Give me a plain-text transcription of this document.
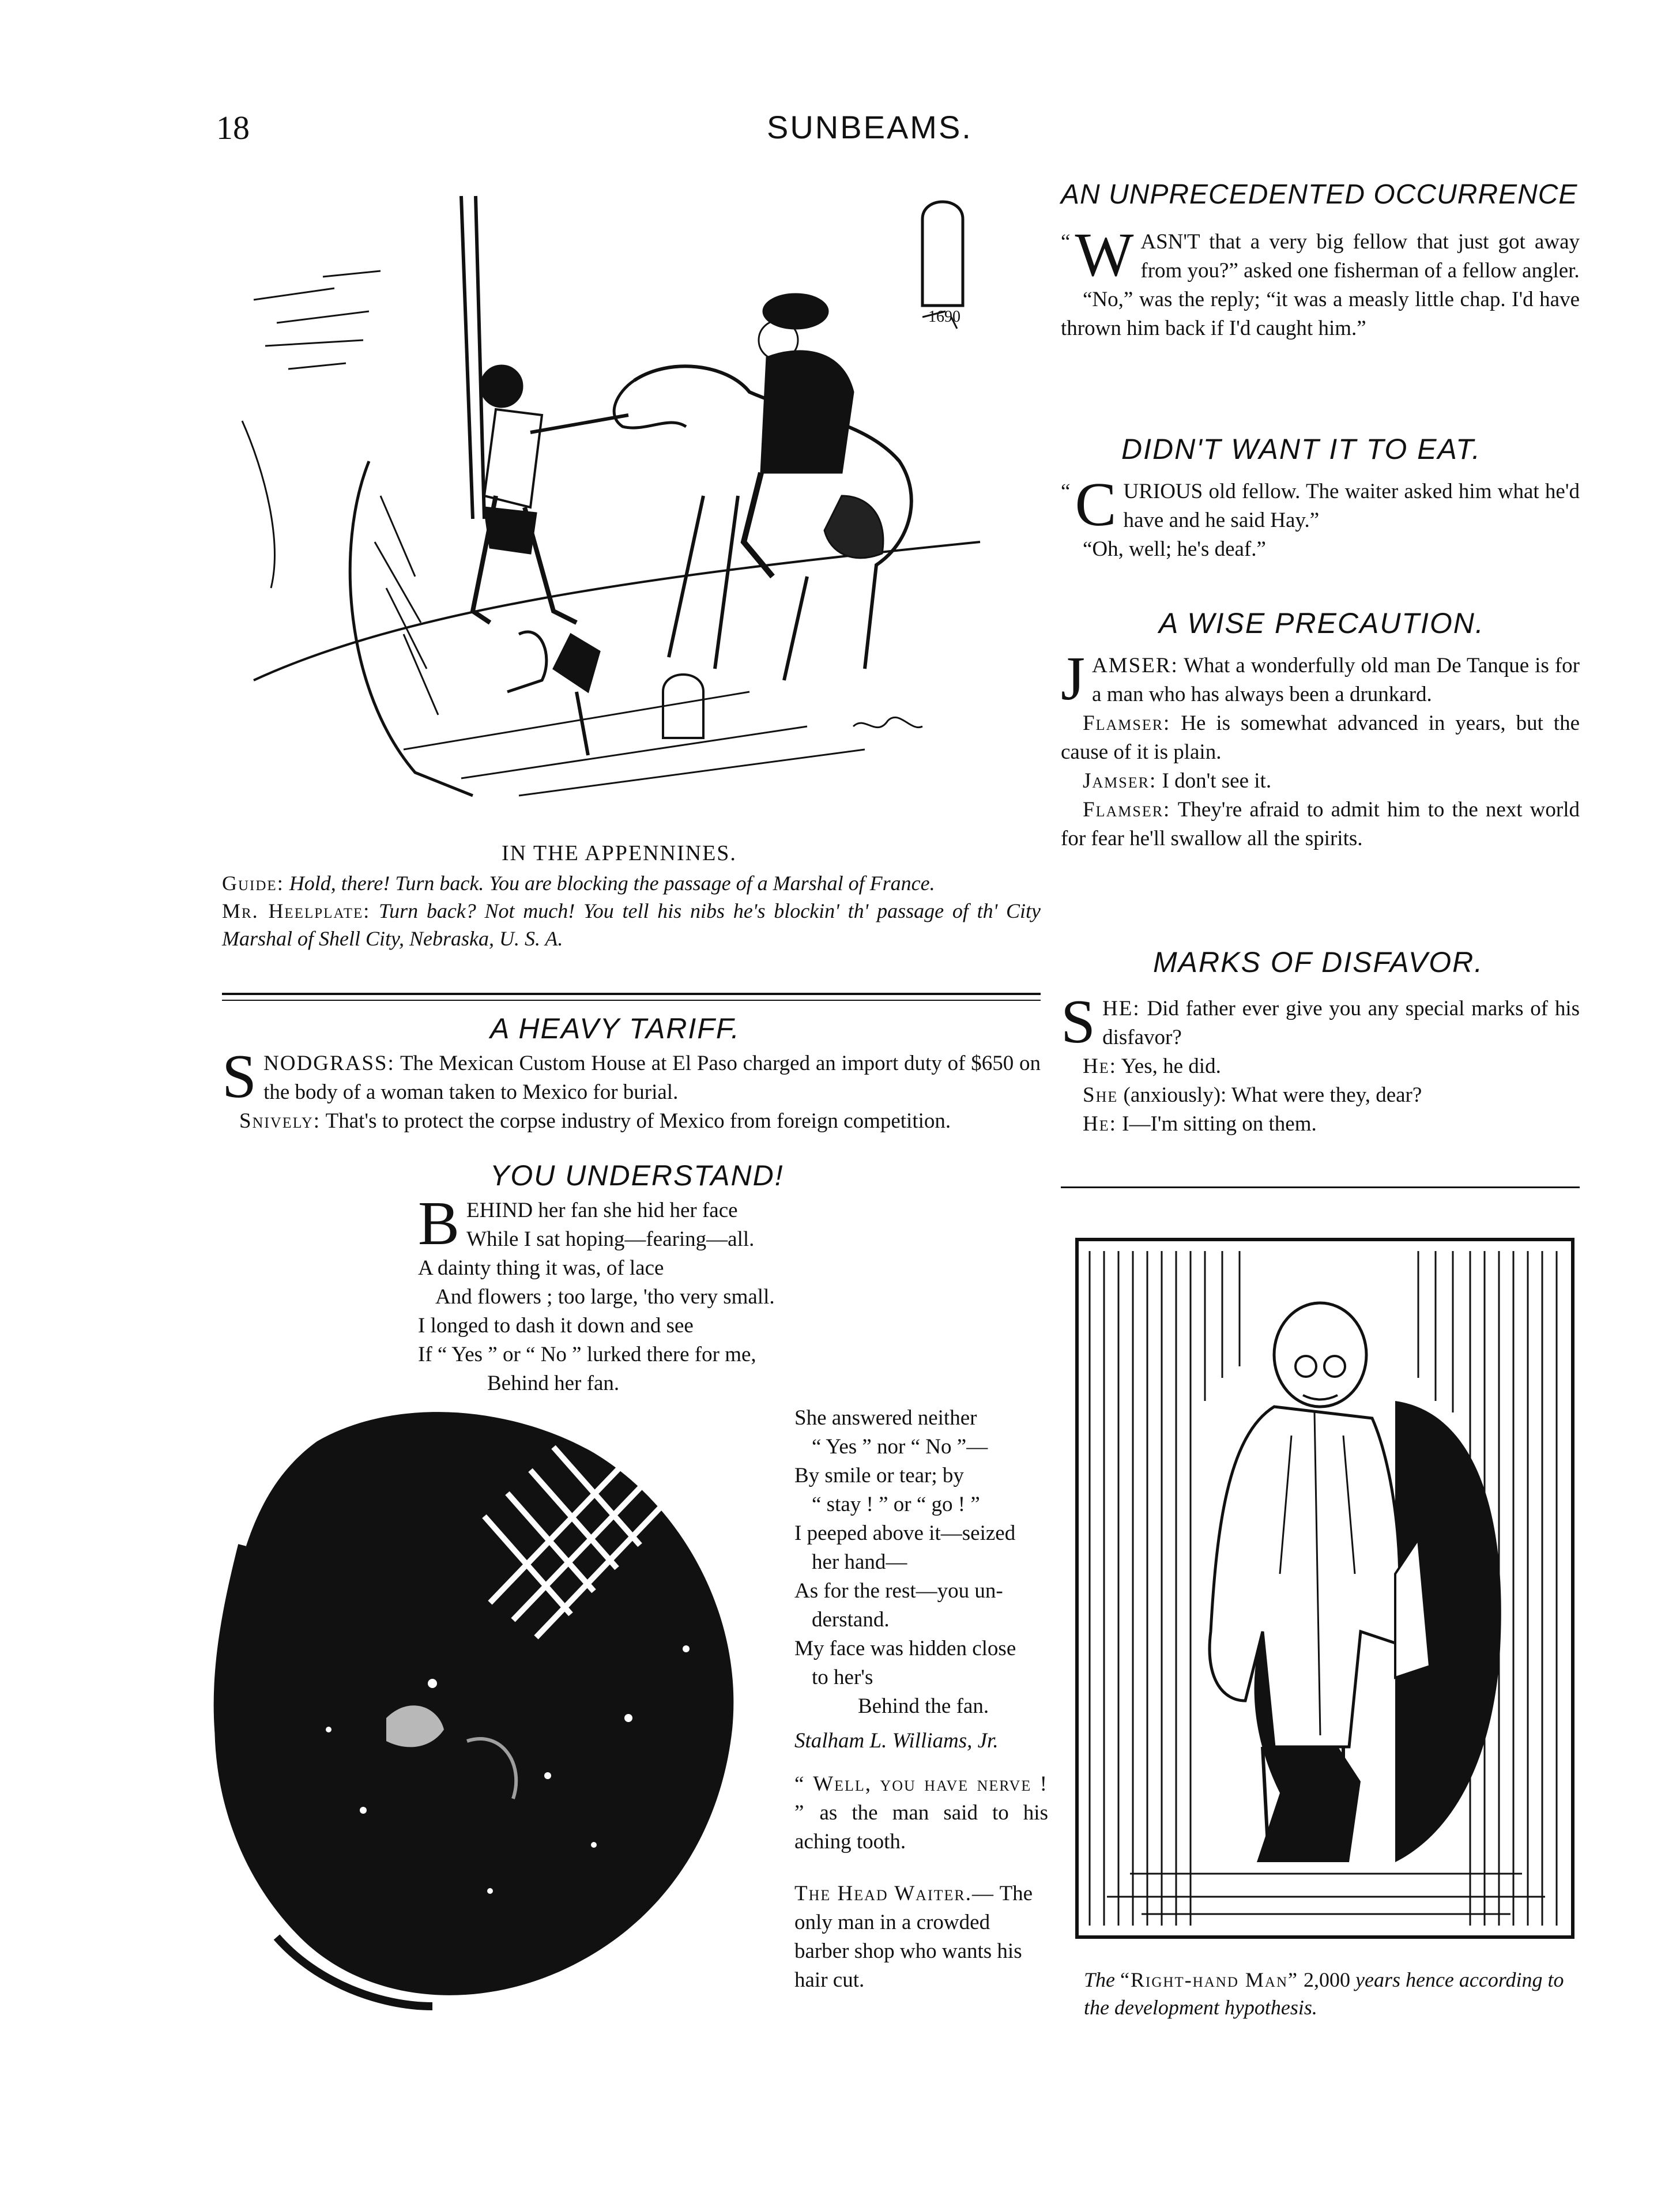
18	SUNBEAMS.
1690
IN THE APPENNINES.
Guide: Hold, there! Turn back. You are blocking the passage of a Marshal of France.
Mr. Heelplate: Turn back? Not much! You tell his nibs he's blockin' th' passage of th' City Marshal of Shell City, Nebraska, U. S. A.
A HEAVY TARIFF.
S NODGRASS: The Mexican Custom House at El Paso charged an import duty of $650 on the body of a woman taken to Mexico for burial.
Snively: That's to protect the corpse industry of Mexico from foreign competition.
YOU UNDERSTAND!
B EHIND her fan she hid her face
While I sat hoping—fearing—all.
A dainty thing it was, of lace
And flowers ; too large, 'tho very small.
I longed to dash it down and see
If “ Yes ” or “ No ” lurked there for me,
Behind her fan.
She answered neither
“ Yes ” nor “ No ”—
By smile or tear; by
“ stay ! ” or “ go ! ”
I peeped above it—seized
her hand—
As for the rest—you un-
derstand.
My face was hidden close
to her's
Behind the fan.
Stalham L. Williams, Jr.
“ Well, you have nerve ! ” as the man said to his aching tooth.
The Head Waiter.— The only man in a crowded barber shop who wants his hair cut.
AN UNPRECEDENTED OCCURRENCE
“ W ASN'T that a very big fellow that just got away from you?” asked one fisherman of a fellow angler.

“No,” was the reply; “it was a measly little chap. I'd have thrown him back if I'd caught him.”

DIDN'T WANT IT TO EAT.
“ C URIOUS old fellow. The waiter asked him what he'd have and he said Hay.”

“Oh, well; he's deaf.”

A WISE PRECAUTION.
J AMSER: What a wonderfully old man De Tanque is for a man who has always been a drunkard.

Flamser: He is somewhat advanced in years, but the cause of it is plain.

Jamser: I don't see it.

Flamser: They're afraid to admit him to the next world for fear he'll swallow all the spirits.

MARKS OF DISFAVOR.
S HE: Did father ever give you any special marks of his disfavor?

He: Yes, he did.

She (anxiously): What were they, dear?

He: I—I'm sitting on them.

The “Right-hand Man” 2,000 years hence according to the development hypothesis.
